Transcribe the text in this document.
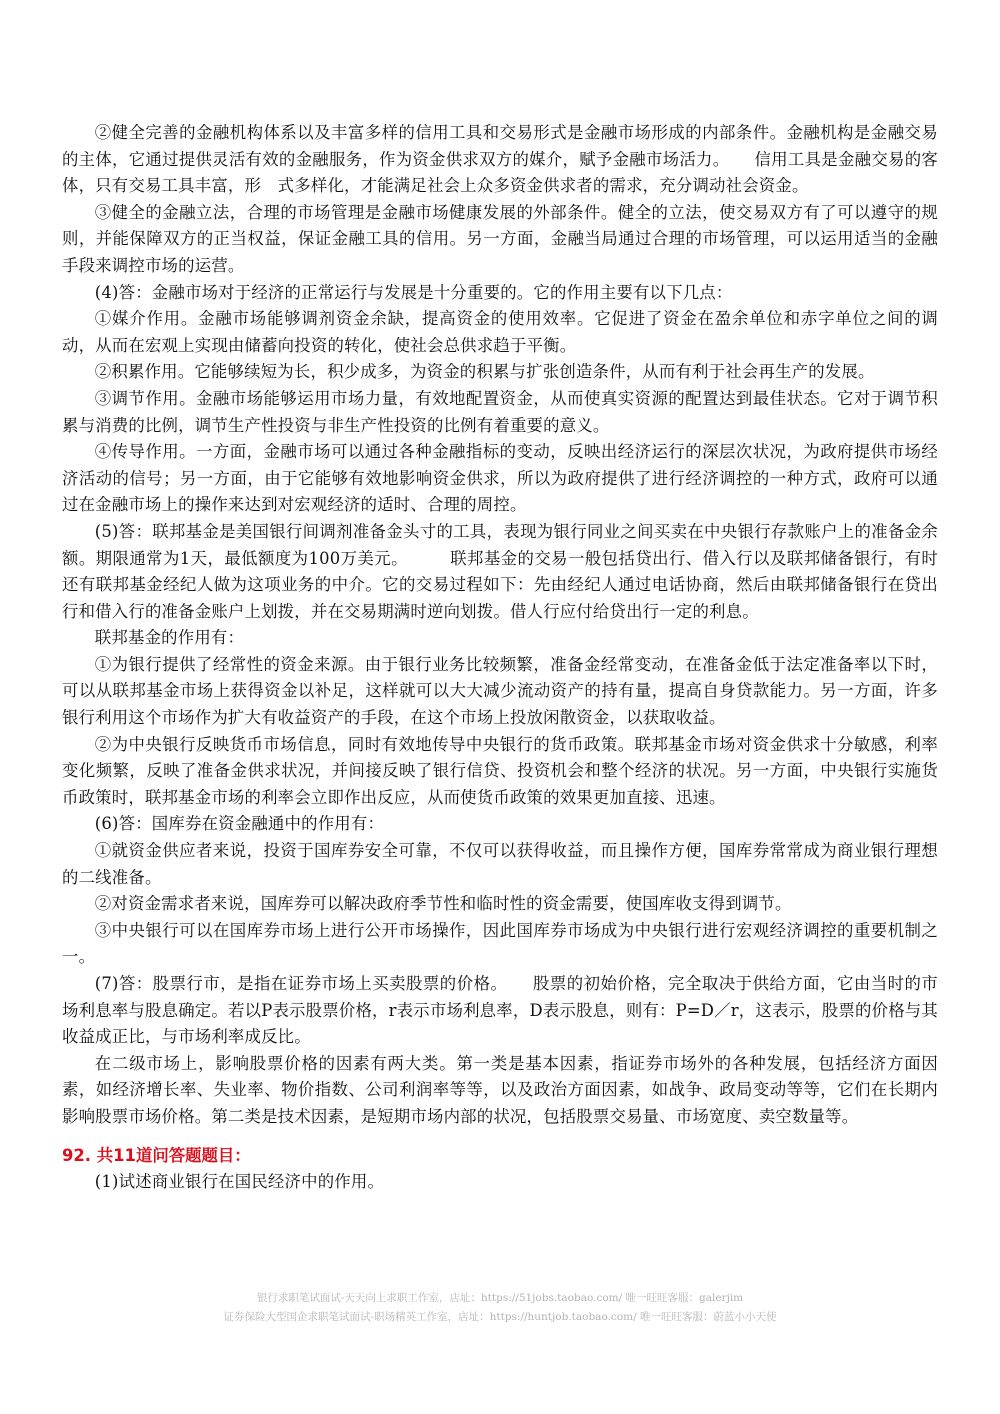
②健全完善的金融机构体系以及丰富多样的信用工具和交易形式是金融市场形成的内部条件。金融机构是金融交易的主体，它通过提供灵活有效的金融服务，作为资金供求双方的媒介，赋予金融市场活力。　　信用工具是金融交易的客体，只有交易工具丰富，形　式多样化，才能满足社会上众多资金供求者的需求，充分调动社会资金。

③健全的金融立法，合理的市场管理是金融市场健康发展的外部条件。健全的立法，使交易双方有了可以遵守的规则，并能保障双方的正当权益，保证金融工具的信用。另一方面，金融当局通过合理的市场管理，可以运用适当的金融手段来调控市场的运营。

(4)答：金融市场对于经济的正常运行与发展是十分重要的。它的作用主要有以下几点：

①媒介作用。金融市场能够调剂资金余缺，提高资金的使用效率。它促进了资金在盈余单位和赤字单位之间的调动，从而在宏观上实现由储蓄向投资的转化，使社会总供求趋于平衡。

②积累作用。它能够续短为长，积少成多，为资金的积累与扩张创造条件，从而有利于社会再生产的发展。

③调节作用。金融市场能够运用市场力量，有效地配置资金，从而使真实资源的配置达到最佳状态。它对于调节积累与消费的比例，调节生产性投资与非生产性投资的比例有着重要的意义。

④传导作用。一方面，金融市场可以通过各种金融指标的变动，反映出经济运行的深层次状况，为政府提供市场经济活动的信号；另一方面，由于它能够有效地影响资金供求，所以为政府提供了进行经济调控的一种方式，政府可以通过在金融市场上的操作来达到对宏观经济的适时、合理的周控。

(5)答：联邦基金是美国银行间调剂准备金头寸的工具，表现为银行同业之间买卖在中央银行存款账户上的准备金余额。期限通常为1天，最低额度为100万美元。　　　联邦基金的交易一般包括贷出行、借入行以及联邦储备银行，有时还有联邦基金经纪人做为这项业务的中介。它的交易过程如下：先由经纪人通过电话协商，然后由联邦储备银行在贷出行和借入行的准备金账户上划拨，并在交易期满时逆向划拨。借人行应付给贷出行一定的利息。

联邦基金的作用有：

①为银行提供了经常性的资金来源。由于银行业务比较频繁，准备金经常变动，在准备金低于法定准备率以下时，可以从联邦基金市场上获得资金以补足，这样就可以大大减少流动资产的持有量，提高自身贷款能力。另一方面，许多银行利用这个市场作为扩大有收益资产的手段，在这个市场上投放闲散资金，以获取收益。

②为中央银行反映货币市场信息，同时有效地传导中央银行的货币政策。联邦基金市场对资金供求十分敏感，利率变化频繁，反映了准备金供求状况，并间接反映了银行信贷、投资机会和整个经济的状况。另一方面，中央银行实施货币政策时，联邦基金市场的利率会立即作出反应，从而使货币政策的效果更加直接、迅速。

(6)答：国库券在资金融通中的作用有：

①就资金供应者来说，投资于国库券安全可靠，不仅可以获得收益，而且操作方便，国库券常常成为商业银行理想的二线准备。

②对资金需求者来说，国库券可以解决政府季节性和临时性的资金需要，使国库收支得到调节。

③中央银行可以在国库券市场上进行公开市场操作，因此国库券市场成为中央银行进行宏观经济调控的重要机制之一。

(7)答：股票行市，是指在证券市场上买卖股票的价格。　　股票的初始价格，完全取决于供给方面，它由当时的市场利息率与股息确定。若以P表示股票价格，r表示市场利息率，D表示股息，则有：P=D／r，这表示，股票的价格与其收益成正比，与市场利率成反比。

在二级市场上，影响股票价格的因素有两大类。第一类是基本因素，指证券市场外的各种发展，包括经济方面因素，如经济增长率、失业率、物价指数、公司利润率等等，以及政治方面因素，如战争、政局变动等等，它们在长期内影响股票市场价格。第二类是技术因素，是短期市场内部的状况，包括股票交易量、市场宽度、卖空数量等。

92. 共11道问答题题目：

(1)试述商业银行在国民经济中的作用。

银行求职笔试面试-天天向上求职工作室，店址：https://51jobs.taobao.com/ 唯一旺旺客服：galerjim
证券保险大型国企求职笔试面试-职场精英工作室，店址：https://huntjob.taobao.com/ 唯一旺旺客服：蔚蓝小小天使
